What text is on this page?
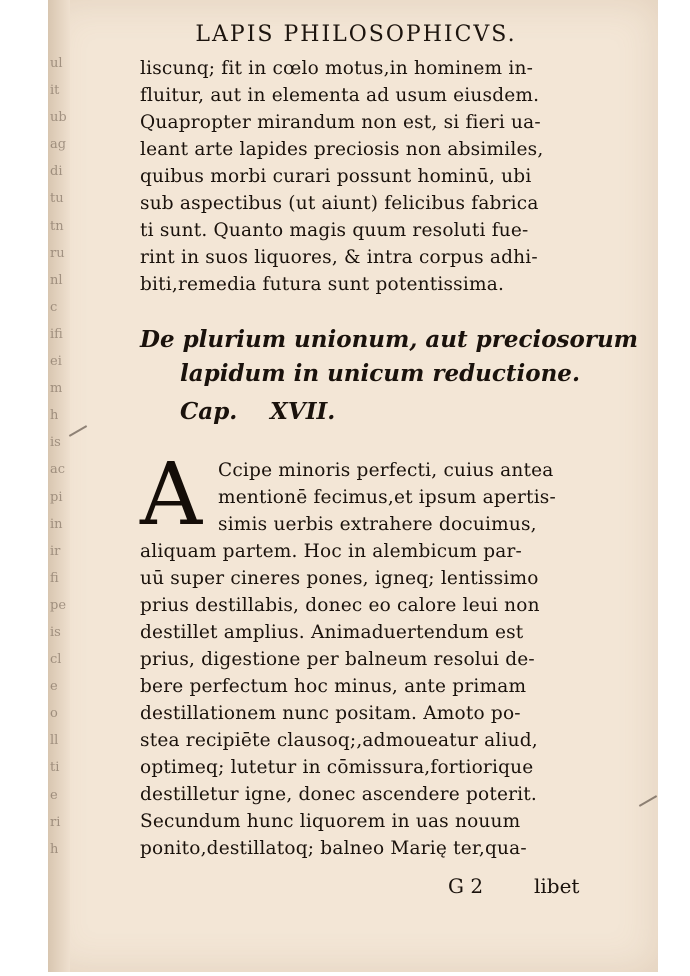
ul
it
ub
ag
di
tu
tn
ru
nl
c
ifi
ei
m
h
is
ac
pi
in
ir
fi
pe
is
cl
e
o
ll
ti
e
ri
h
LAPIS PHILOSOPHICVS.
liscunq; fit in cœlo motus,in hominem in-
fluitur, aut in elementa ad usum eiusdem.
Quapropter mirandum non est, si fieri ua-
leant arte lapides preciosis non absimiles,
quibus morbi curari possunt hominū, ubi
sub aspectibus (ut aiunt) felicibus fabrica
ti sunt. Quanto magis quum resoluti fue-
rint in suos liquores, & intra corpus adhi-
biti,remedia futura sunt potentissima.
De plurium unionum, aut preciosorum
lapidum in unicum reductione.
Cap. XVII.
A Ccipe minoris perfecti, cuius antea
mentionē fecimus,et ipsum apertis-
simis uerbis extrahere docuimus,
aliquam partem. Hoc in alembicum par-
uū super cineres pones, igneq; lentissimo
prius destillabis, donec eo calore leui non
destillet amplius. Animaduertendum est
prius, digestione per balneum resolui de-
bere perfectum hoc minus, ante primam
destillationem nunc positam. Amoto po-
stea recipiēte clausoq;,admoueatur aliud,
optimeq; lutetur in cōmissura,fortiorique
destilletur igne, donec ascendere poterit.
Secundum hunc liquorem in uas nouum
ponito,destillatoq; balneo Marię ter,qua-
G 2	libet
